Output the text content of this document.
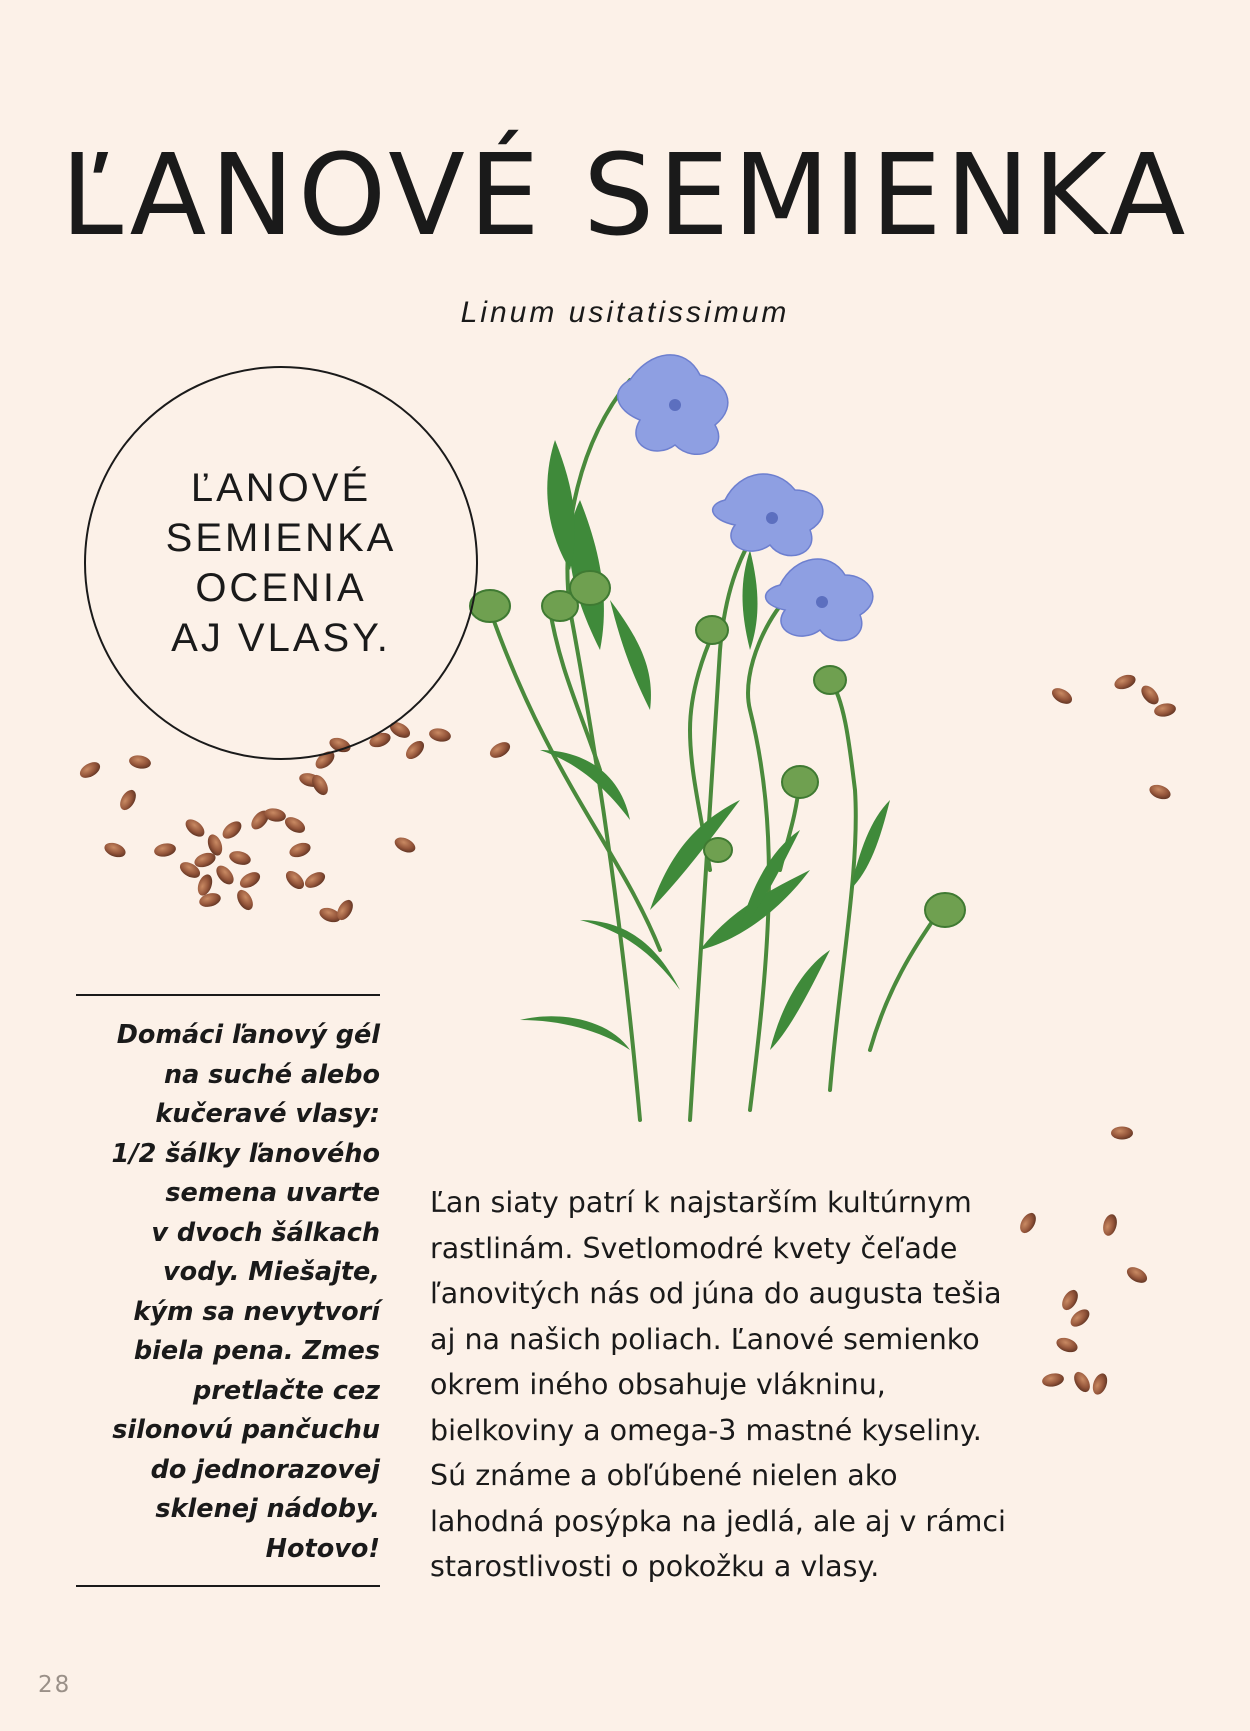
ĽANOVÉ SEMIENKA
Linum usitatissimum
ĽANOVÉ
SEMIENKA
OCENIA
AJ VLASY.
Domáci ľanový gél
na suché alebo
kučeravé vlasy:
1/2 šálky ľanového
semena uvarte
v dvoch šálkach
vody. Miešajte,
kým sa nevytvorí
biela pena. Zmes
pretlačte cez
silonovú pančuchu
do jednorazovej
sklenej nádoby.
Hotovo!
Ľan siaty patrí k najstarším kultúrnym
rastlinám. Svetlomodré kvety čeľade
ľanovitých nás od júna do augusta tešia
aj na našich poliach. Ľanové semienko
okrem iného obsahuje vlákninu,
bielkoviny a omega-3 mastné kyseliny.
Sú známe a obľúbené nielen ako
lahodná posýpka na jedlá, ale aj v rámci
starostlivosti o pokožku a vlasy.
28
